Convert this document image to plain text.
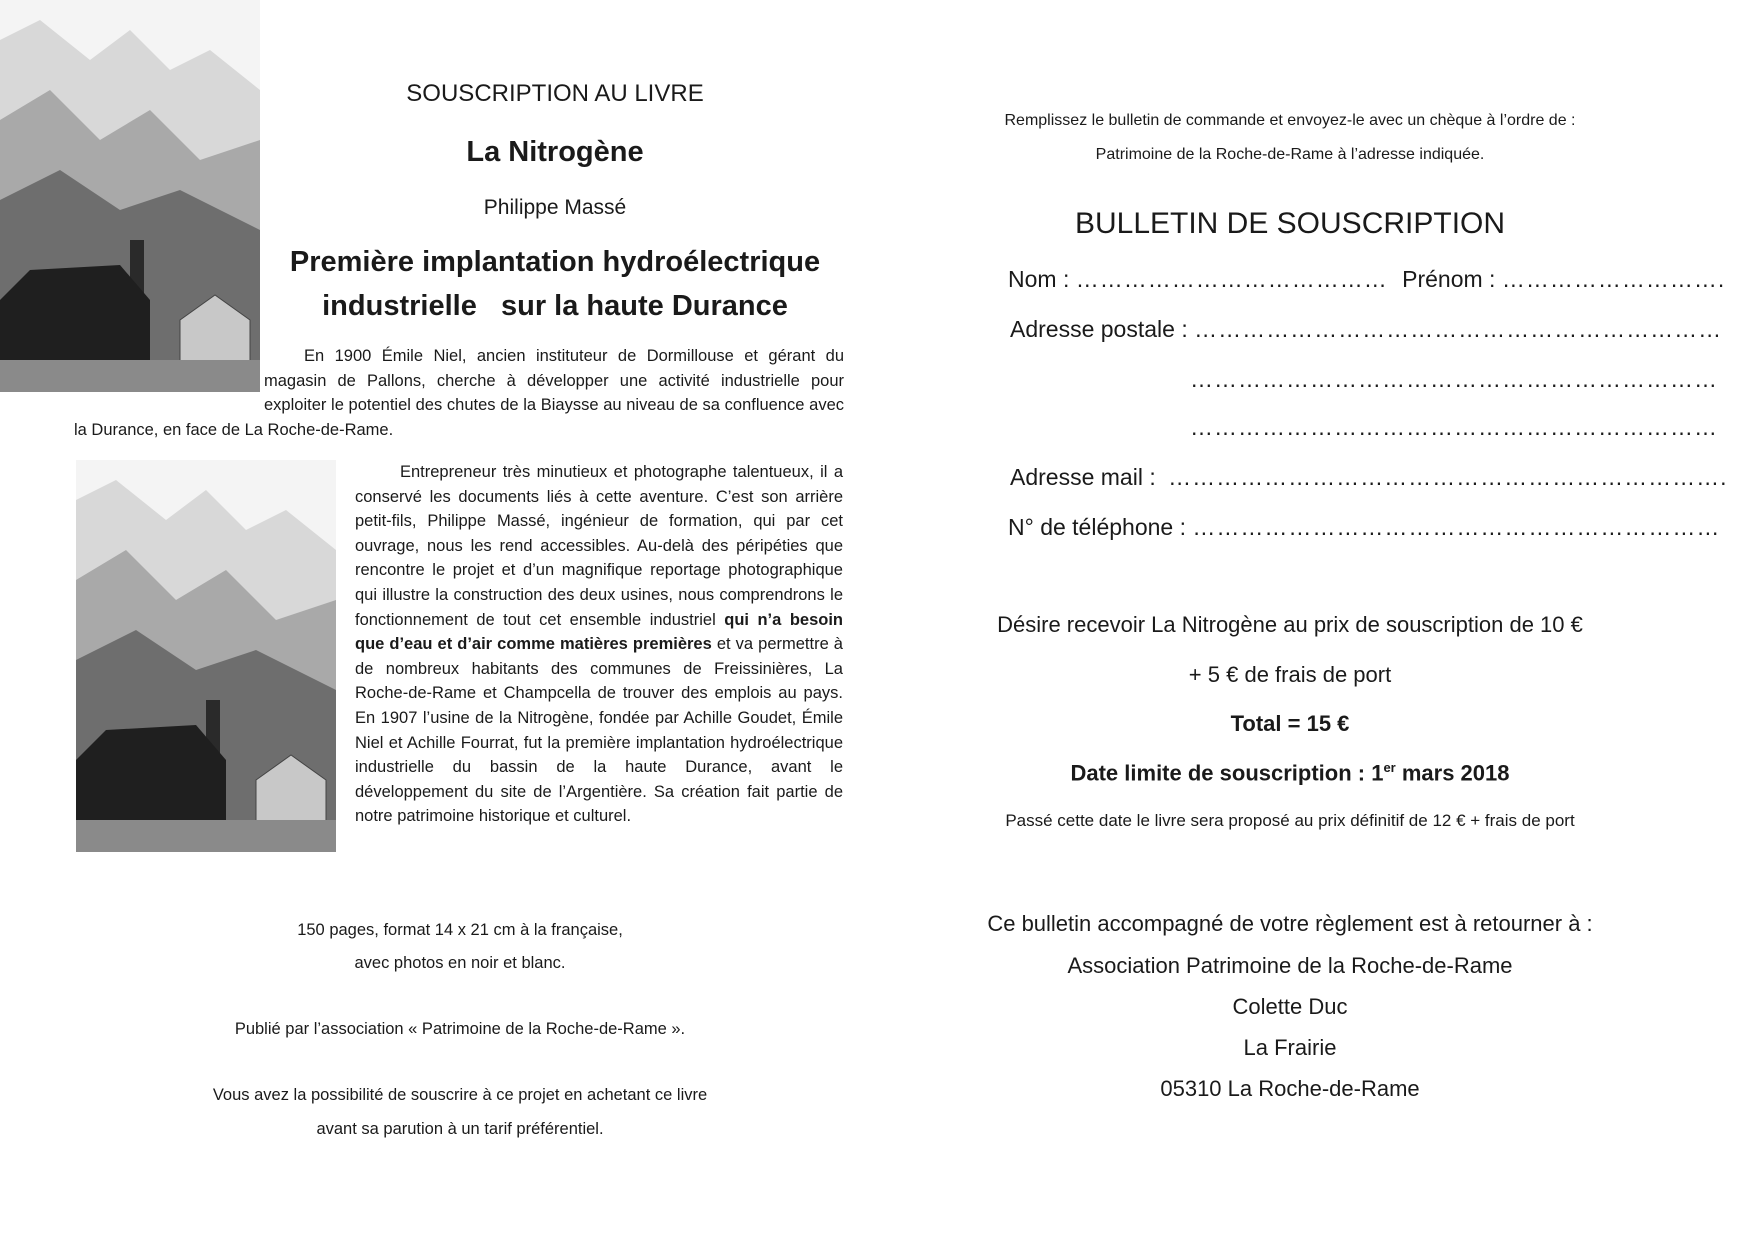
SOUSCRIPTION AU LIVRE
La Nitrogène
Philippe Massé
Première implantation hydroélectrique
industrielle   sur la haute Durance

En 1900 Émile Niel, ancien instituteur de Dormillouse et gérant du magasin de Pallons, cherche à développer une activité industrielle pour exploiter le potentiel des chutes de la Biaysse au niveau de sa confluence avec la Durance, en face de La Roche-de-Rame.

Entrepreneur très minutieux et photographe talentueux, il a conservé les documents liés à cette aventure. C’est son arrière petit-fils, Philippe Massé, ingénieur de formation, qui par cet ouvrage, nous les rend accessibles. Au-delà des péripéties que rencontre le projet et d’un magnifique reportage photographique qui illustre la construction des deux usines, nous comprendrons le fonctionnement de tout cet ensemble industriel qui n’a besoin que d’eau et d’air comme matières premières et va permettre à de nombreux habitants des communes de Freissinières, La Roche-de-Rame et Champcella de trouver des emplois au pays. En 1907 l’usine de la Nitrogène, fondée par Achille Goudet, Émile Niel et Achille Fourrat, fut la première implantation hydroélectrique industrielle du bassin de la haute Durance, avant le développement du site de l’Argentière. Sa création fait partie de notre patrimoine historique et culturel.

150 pages, format 14 x 21 cm à la française,
avec photos en noir et blanc.
Publié par l’association « Patrimoine de la Roche-de-Rame ».
Vous avez la possibilité de souscrire à ce projet en achetant ce livre
avant sa parution à un tarif préférentiel.
Remplissez le bulletin de commande et envoyez-le avec un chèque à l’ordre de :
Patrimoine de la Roche-de-Rame à l’adresse indiquée.
BULLETIN DE SOUSCRIPTION
Nom : ………………………………… Prénom : ……………………….
Adresse postale : …………………………………………………………
…………………………………………………………
…………………………………………………………
Adresse mail : …………………………………………………………….
N° de téléphone : …………………………………………………………
Désire recevoir La Nitrogène au prix de souscription de 10 €
+ 5 € de frais de port
Total = 15 €
Date limite de souscription : 1er mars 2018
Passé cette date le livre sera proposé au prix définitif de 12 € + frais de port
Ce bulletin accompagné de votre règlement est à retourner à :
Association Patrimoine de la Roche-de-Rame
Colette Duc
La Frairie
05310 La Roche-de-Rame
